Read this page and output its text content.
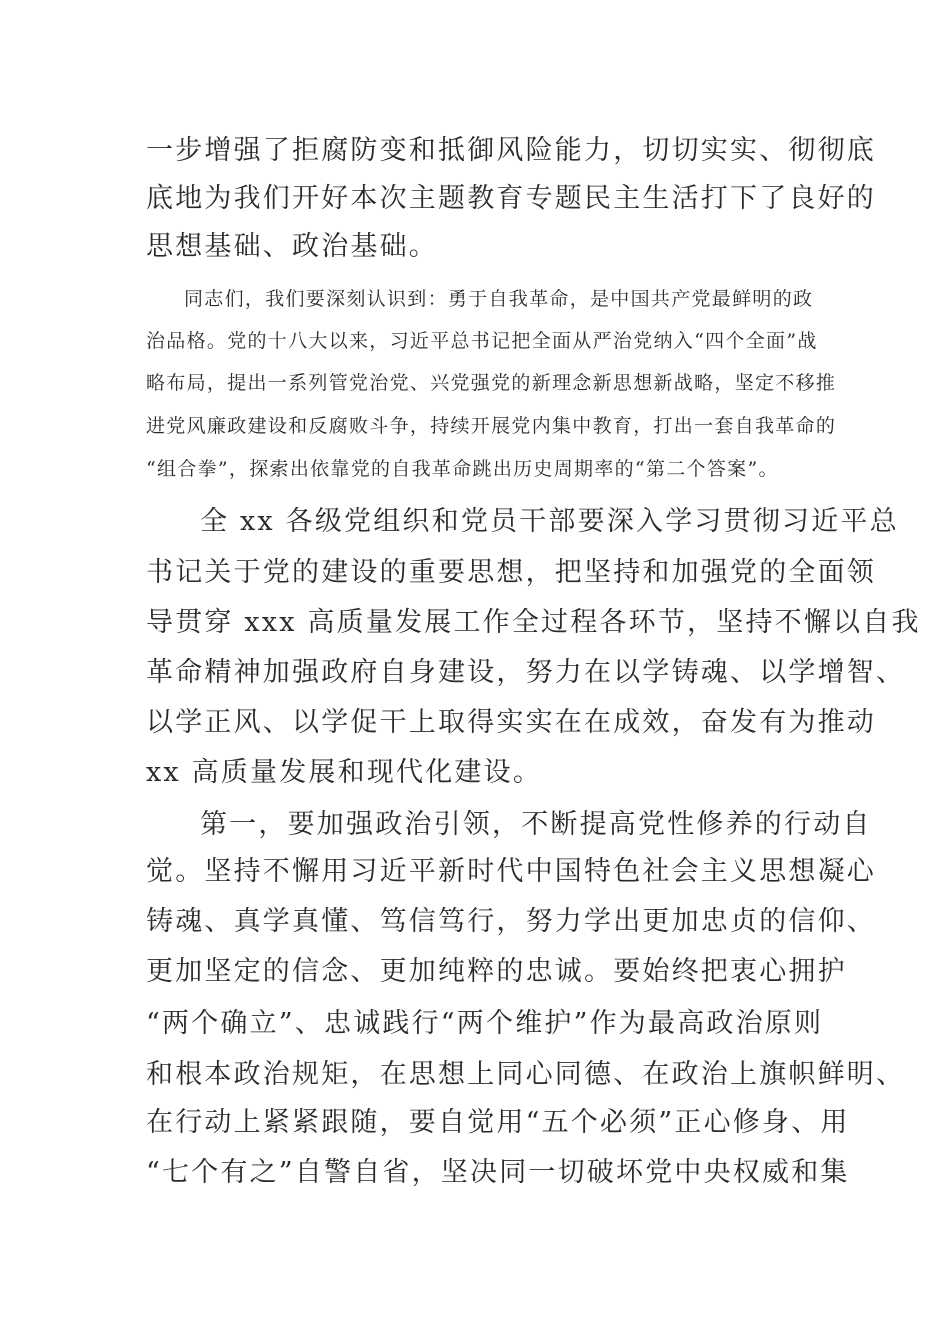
一步增强了拒腐防变和抵御风险能力，切切实实、彻彻底
底地为我们开好本次主题教育专题民主生活打下了良好的
思想基础、政治基础。
同志们，我们要深刻认识到：勇于自我革命，是中国共产党最鲜明的政
治品格。党的十八大以来，习近平总书记把全面从严治党纳入“四个全面”战
略布局，提出一系列管党治党、兴党强党的新理念新思想新战略，坚定不移推
进党风廉政建设和反腐败斗争，持续开展党内集中教育，打出一套自我革命的
“组合拳”，探索出依靠党的自我革命跳出历史周期率的“第二个答案”。
全 xx 各级党组织和党员干部要深入学习贯彻习近平总
书记关于党的建设的重要思想，把坚持和加强党的全面领
导贯穿 xxx 高质量发展工作全过程各环节，坚持不懈以自我
革命精神加强政府自身建设，努力在以学铸魂、以学增智、
以学正风、以学促干上取得实实在在成效，奋发有为推动
xx 高质量发展和现代化建设。
第一，要加强政治引领，不断提高党性修养的行动自
觉。坚持不懈用习近平新时代中国特色社会主义思想凝心
铸魂、真学真懂、笃信笃行，努力学出更加忠贞的信仰、
更加坚定的信念、更加纯粹的忠诚。要始终把衷心拥护
“两个确立”、忠诚践行“两个维护”作为最高政治原则
和根本政治规矩，在思想上同心同德、在政治上旗帜鲜明、
在行动上紧紧跟随，要自觉用“五个必须”正心修身、用
“七个有之”自警自省，坚决同一切破坏党中央权威和集
